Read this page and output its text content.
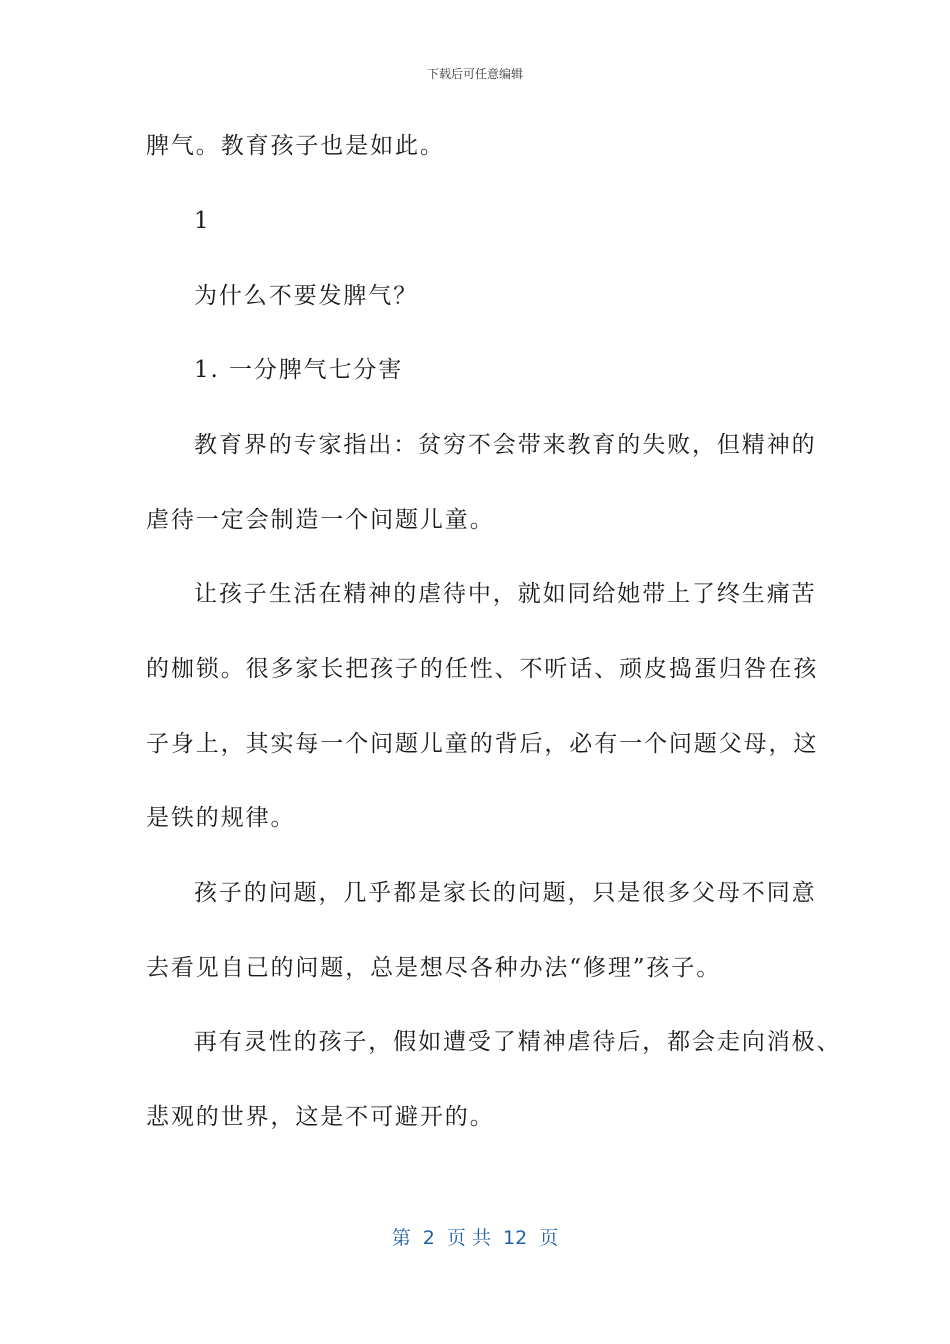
下载后可任意编辑
脾气。教育孩子也是如此。
1
为什么不要发脾气？
1. 一分脾气七分害
教育界的专家指出：贫穷不会带来教育的失败，但精神的
虐待一定会制造一个问题儿童。
让孩子生活在精神的虐待中，就如同给她带上了终生痛苦
的枷锁。很多家长把孩子的任性、不听话、顽皮捣蛋归咎在孩
子身上，其实每一个问题儿童的背后，必有一个问题父母，这
是铁的规律。
孩子的问题，几乎都是家长的问题，只是很多父母不同意
去看见自己的问题，总是想尽各种办法“修理”孩子。
再有灵性的孩子，假如遭受了精神虐待后，都会走向消极、
悲观的世界，这是不可避开的。
第  2  页 共  12  页
